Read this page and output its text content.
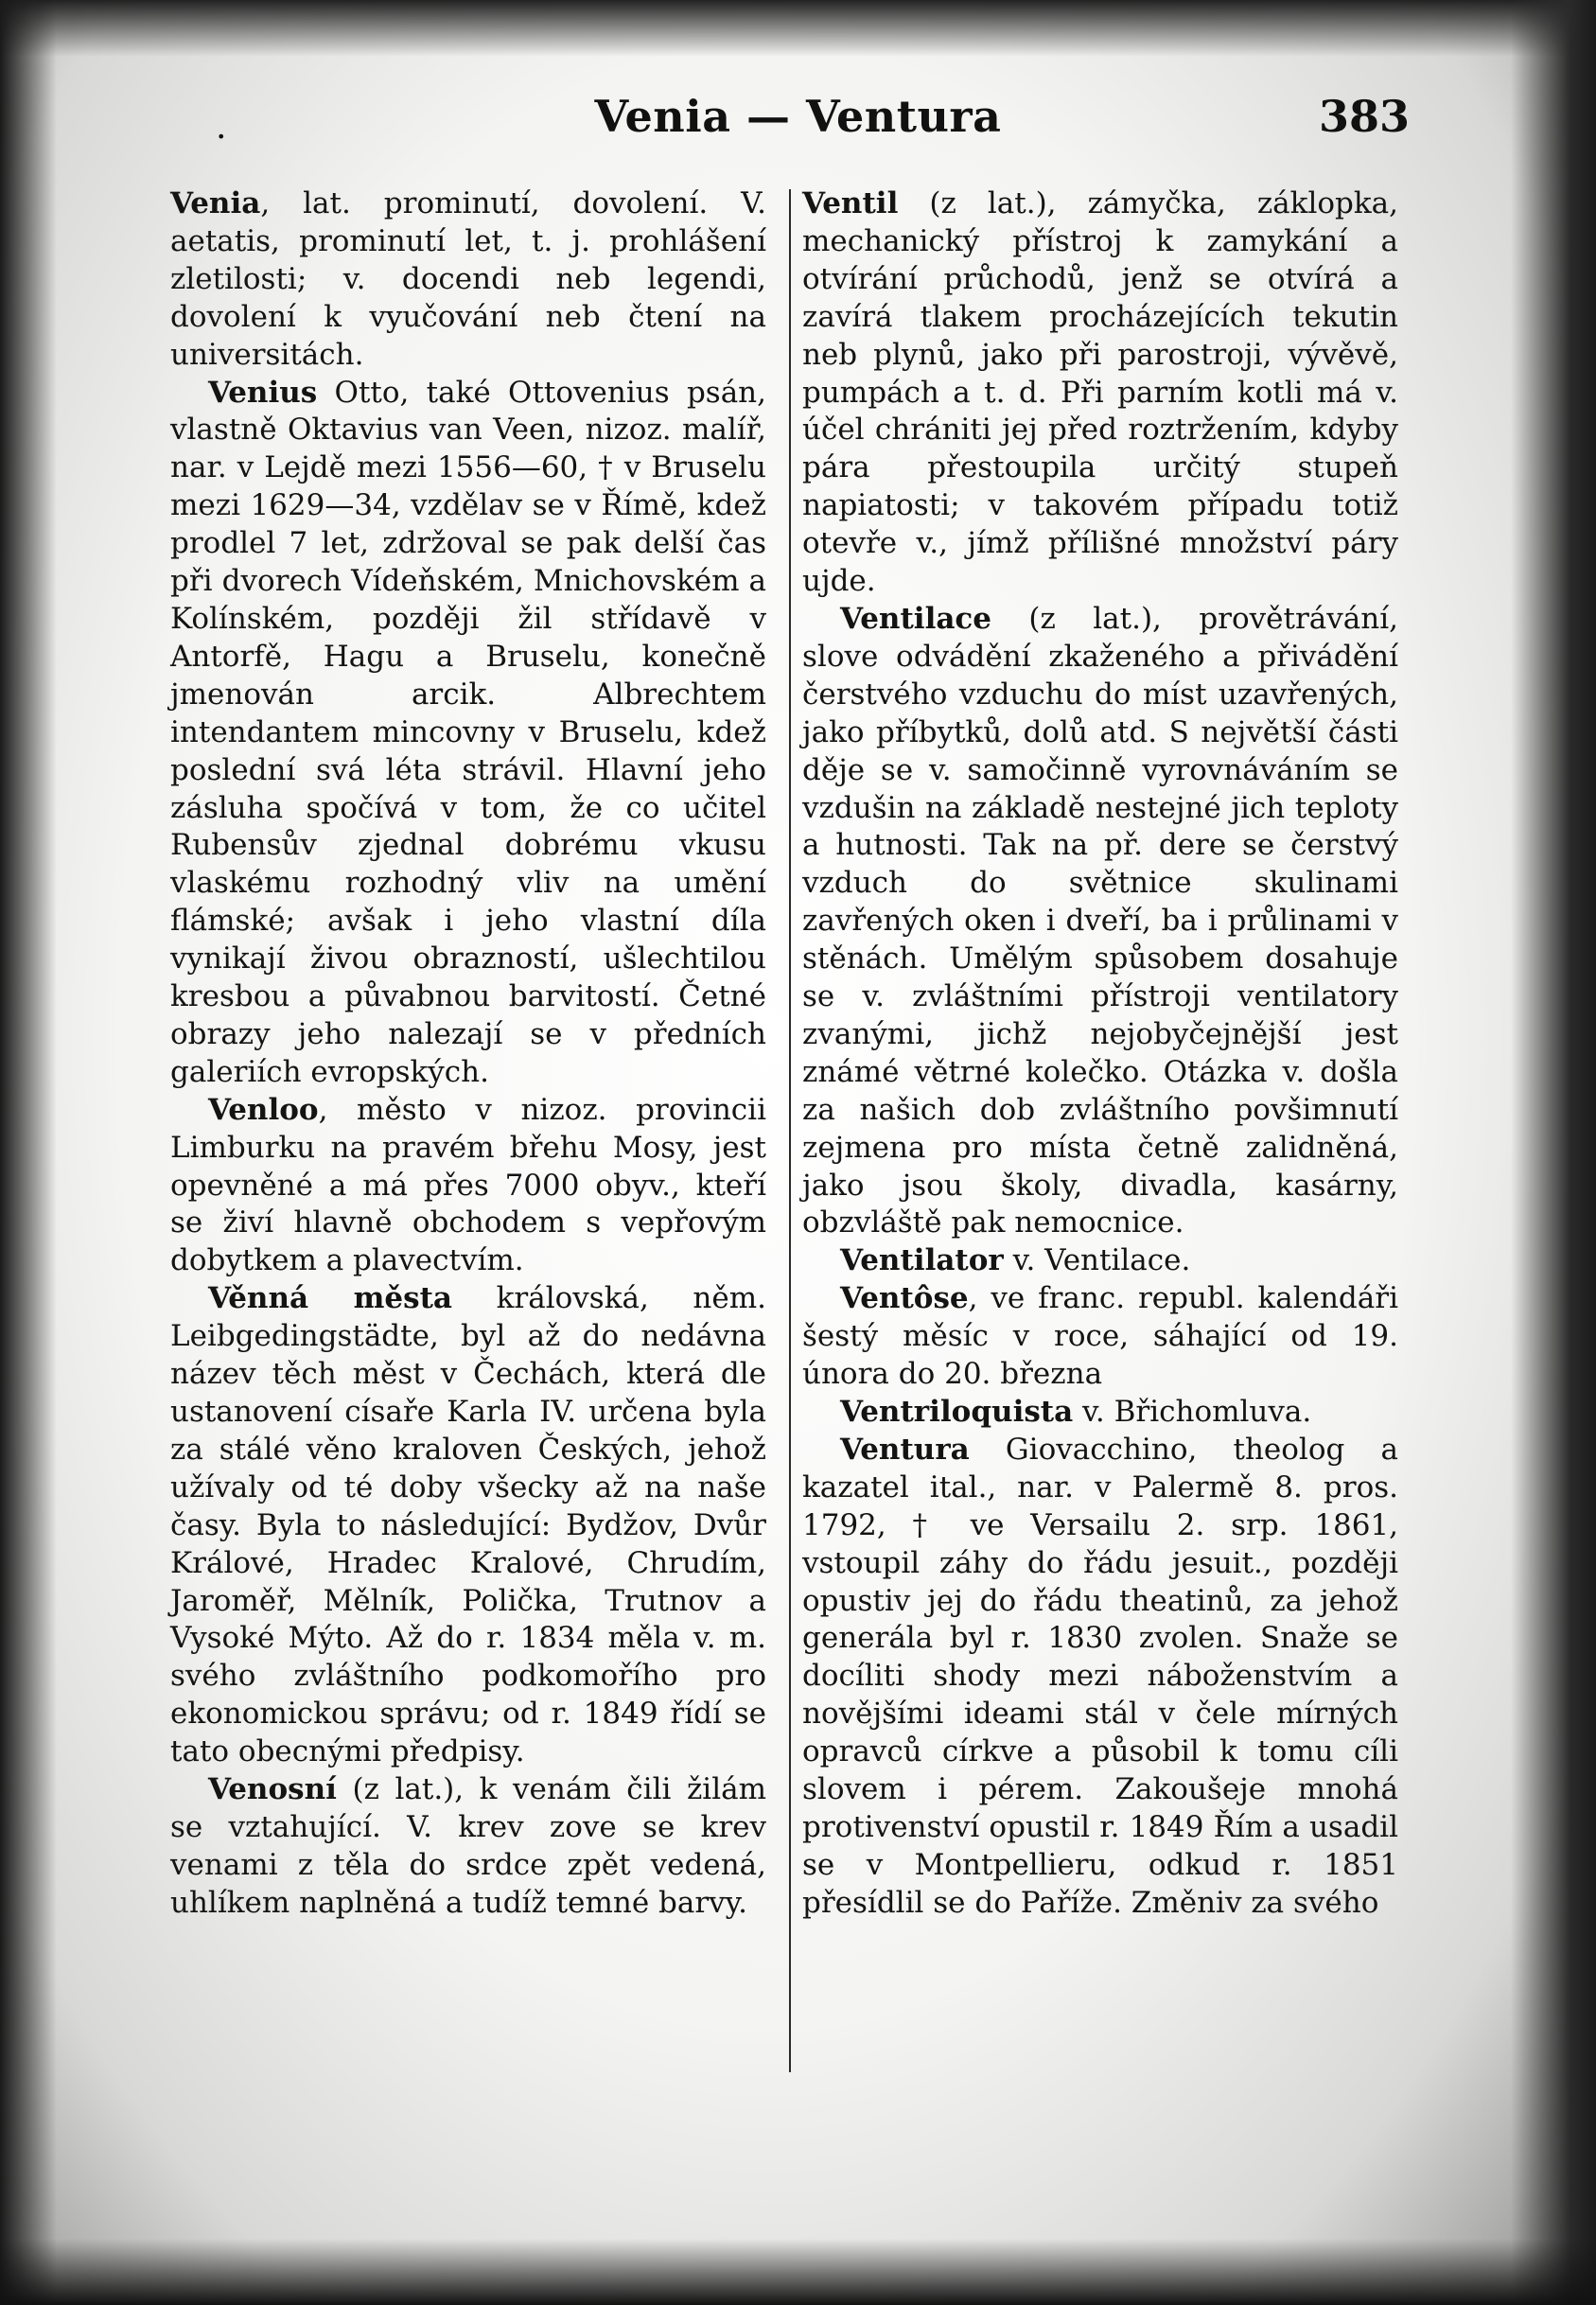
.	Venia — Ventura	383

Venia, lat. prominutí, dovolení. V. aetatis, prominutí let, t. j. prohlášení zletilosti; v. docendi neb legendi, dovolení k vyučování neb čtení na universitách.

Venius Otto, také Ottovenius psán, vlastně Oktavius van Veen, nizoz. malíř, nar. v Lejdě mezi 1556—60, † v Bruselu mezi 1629—34, vzdělav se v Římě, kdež prodlel 7 let, zdržoval se pak delší čas při dvorech Vídeňském, Mnichovském a Kolínském, později žil střídavě v Antorfě, Hagu a Bruselu, konečně jmenován arcik. Albrechtem intendantem mincovny v Bruselu, kdež poslední svá léta strávil. Hlavní jeho zásluha spočívá v tom, že co učitel Rubensův zjednal dobrému vkusu vlaskému rozhodný vliv na umění flámské; avšak i jeho vlastní díla vynikají živou obrazností, ušlechtilou kresbou a půvabnou barvitostí. Četné obrazy jeho nalezají se v předních galeriích evropských.

Venloo, město v nizoz. provincii Limburku na pravém břehu Mosy, jest opevněné a má přes 7000 obyv., kteří se živí hlavně obchodem s vepřovým dobytkem a plavectvím.

Věnná města královská, něm. Leibgedingstädte, byl až do nedávna název těch měst v Čechách, která dle ustanovení císaře Karla IV. určena byla za stálé věno kraloven Českých, jehož užívaly od té doby všecky až na naše časy. Byla to následující: Bydžov, Dvůr Králové, Hradec Kralové, Chrudím, Jaroměř, Mělník, Polička, Trutnov a Vysoké Mýto. Až do r. 1834 měla v. m. svého zvláštního podkomořího pro ekonomickou správu; od r. 1849 řídí se tato obecnými předpisy.

Venosní (z lat.), k venám čili žilám se vztahující. V. krev zove se krev venami z těla do srdce zpět vedená, uhlíkem naplněná a tudíž temné barvy.

Ventil (z lat.), zámyčka, záklopka, mechanický přístroj k zamykání a otvírání průchodů, jenž se otvírá a zavírá tlakem procházejících tekutin neb plynů, jako při parostroji, vývěvě, pumpách a t. d. Při parním kotli má v. účel chrániti jej před roztržením, kdyby pára přestoupila určitý stupeň napiatosti; v takovém případu totiž otevře v., jímž přílišné množství páry ujde.

Ventilace (z lat.), provětrávání, slove odvádění zkaženého a přivádění čerstvého vzduchu do míst uzavřených, jako příbytků, dolů atd. S největší části děje se v. samočinně vyrovnáváním se vzdušin na základě nestejné jich teploty a hutnosti. Tak na př. dere se čerstvý vzduch do světnice skulinami zavřených oken i dveří, ba i průlinami v stěnách. Umělým spůsobem dosahuje se v. zvláštními přístroji ventilatory zvanými, jichž nejobyčejnější jest známé větrné kolečko. Otázka v. došla za našich dob zvláštního povšimnutí zejmena pro místa četně zalidněná, jako jsou školy, divadla, kasárny, obzvláště pak nemocnice.

Ventilator v. Ventilace.

Ventôse, ve franc. republ. kalendáři šestý měsíc v roce, sáhající od 19. února do 20. března

Ventriloquista v. Břichomluva.

Ventura Giovacchino, theolog a kazatel ital., nar. v Palermě 8. pros. 1792, † ve Versailu 2. srp. 1861, vstoupil záhy do řádu jesuit., později opustiv jej do řádu theatinů, za jehož generála byl r. 1830 zvolen. Snaže se docíliti shody mezi náboženstvím a novějšími ideami stál v čele mírných opravců církve a působil k tomu cíli slovem i pérem. Zakoušeje mnohá protivenství opustil r. 1849 Řím a usadil se v Montpellieru, odkud r. 1851 přesídlil se do Paříže. Změniv za svého
